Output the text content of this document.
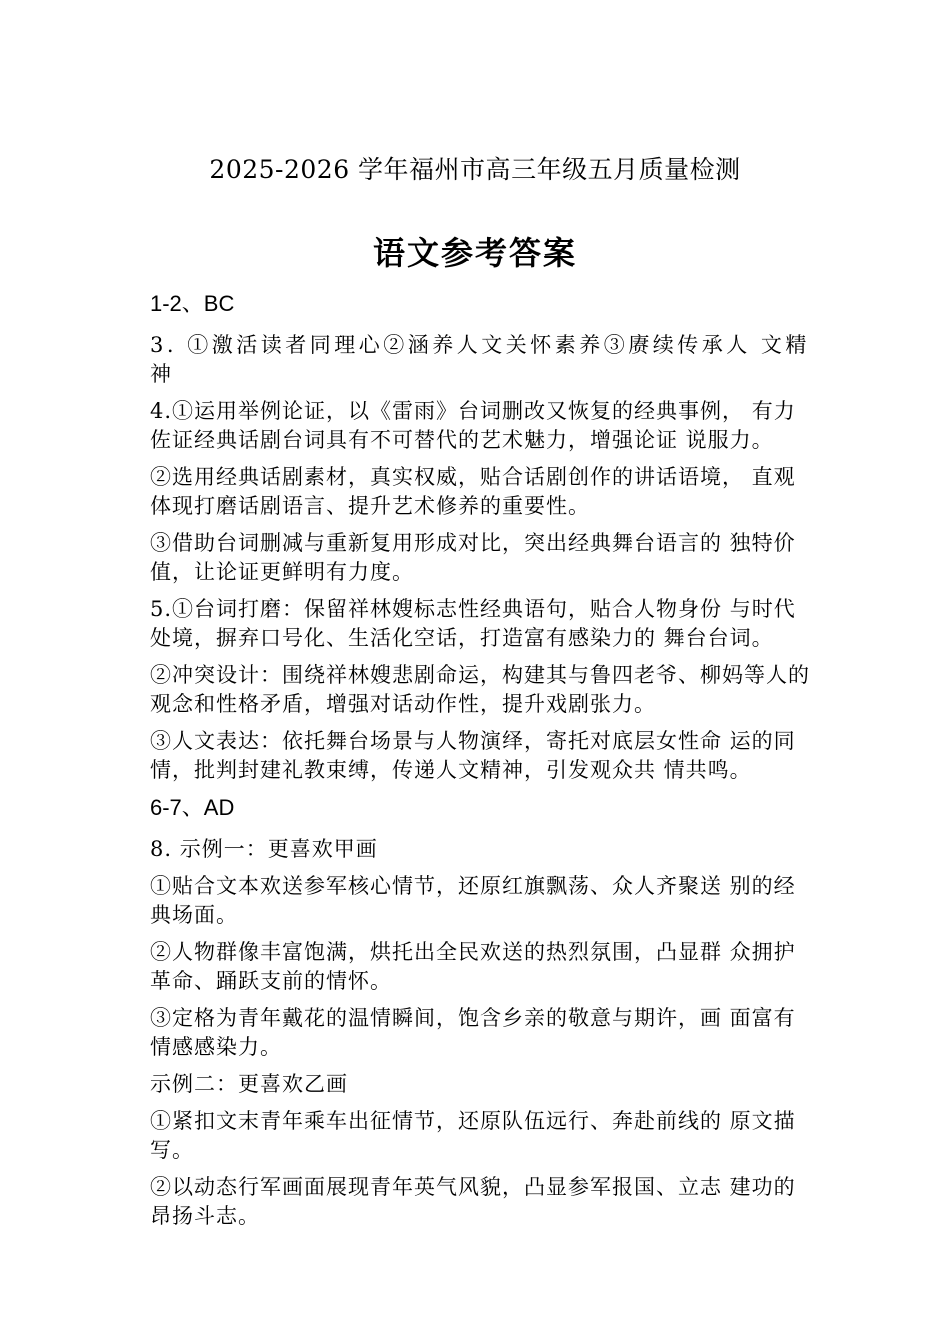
2025-2026 学年福州市高三年级五月质量检测
语文参考答案
1-2、BC
3. ①激活读者同理心②涵养人文关怀素养③赓续传承人 文精神
4.①运用举例论证，以《雷雨》台词删改又恢复的经典事例， 有力佐证经典话剧台词具有不可替代的艺术魅力，增强论证 说服力。
②选用经典话剧素材，真实权威，贴合话剧创作的讲话语境， 直观体现打磨话剧语言、提升艺术修养的重要性。
③借助台词删减与重新复用形成对比，突出经典舞台语言的 独特价值，让论证更鲜明有力度。
5.①台词打磨：保留祥林嫂标志性经典语句，贴合人物身份 与时代处境，摒弃口号化、生活化空话，打造富有感染力的 舞台台词。
②冲突设计：围绕祥林嫂悲剧命运，构建其与鲁四老爷、柳妈等人的观念和性格矛盾，增强对话动作性，提升戏剧张力。
③人文表达：依托舞台场景与人物演绎，寄托对底层女性命 运的同情，批判封建礼教束缚，传递人文精神，引发观众共 情共鸣。
6-7、AD
8. 示例一：更喜欢甲画
①贴合文本欢送参军核心情节，还原红旗飘荡、众人齐聚送 别的经典场面。
②人物群像丰富饱满，烘托出全民欢送的热烈氛围，凸显群 众拥护革命、踊跃支前的情怀。
③定格为青年戴花的温情瞬间，饱含乡亲的敬意与期许，画 面富有情感感染力。
示例二：更喜欢乙画
①紧扣文末青年乘车出征情节，还原队伍远行、奔赴前线的 原文描写。
②以动态行军画面展现青年英气风貌，凸显参军报国、立志 建功的昂扬斗志。
